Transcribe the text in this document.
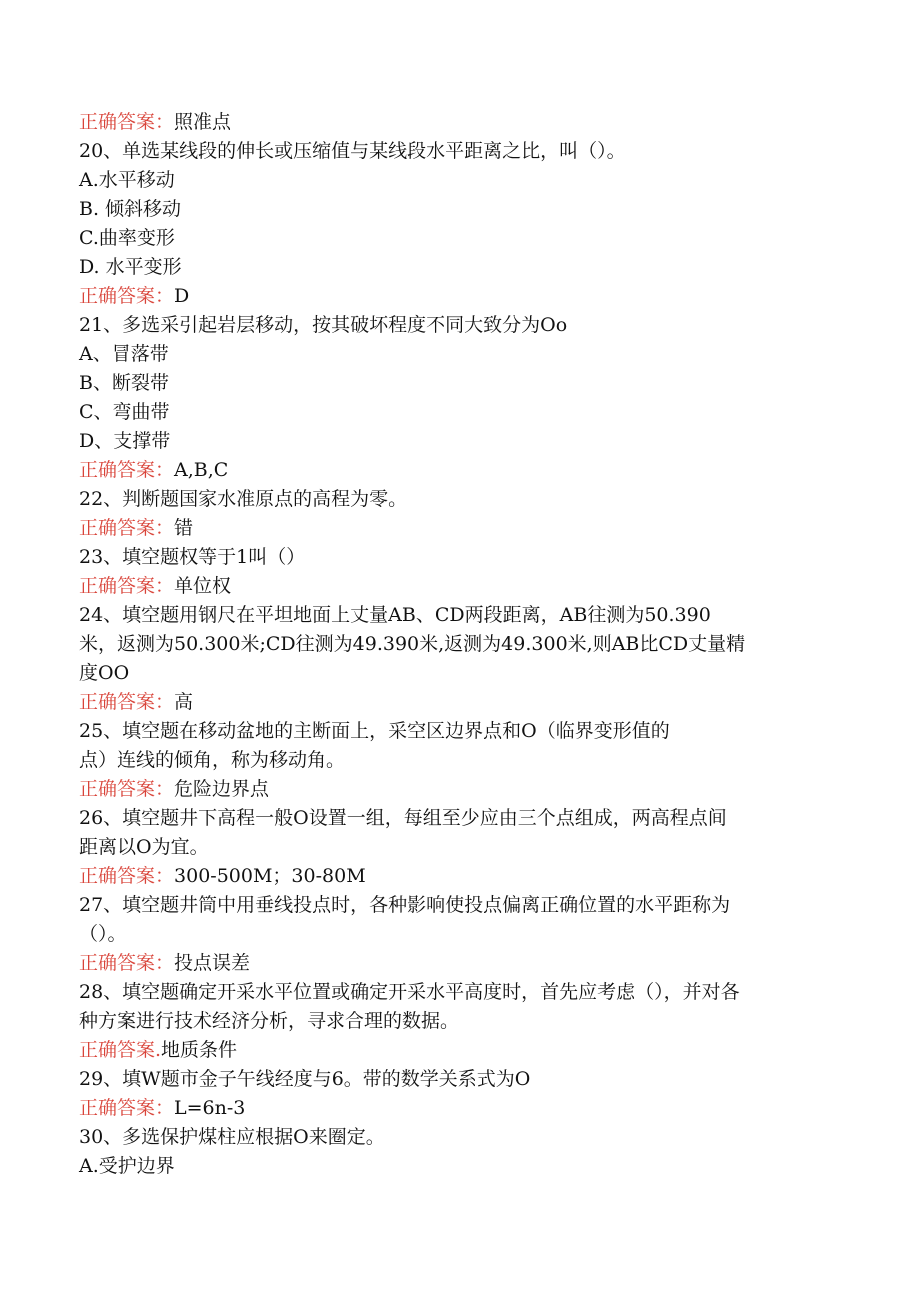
正确答案：照准点
20、单选某线段的伸长或压缩值与某线段水平距离之比，叫（）。
A.水平移动
B. 倾斜移动
C.曲率变形
D. 水平变形
正确答案：D
21、多选采引起岩层移动，按其破坏程度不同大致分为Oo
A、冒落带
B、断裂带
C、弯曲带
D、支撑带
正确答案：A,B,C
22、判断题国家水准原点的高程为零。
正确答案：错
23、填空题权等于1叫（）
正确答案：单位权
24、填空题用钢尺在平坦地面上丈量AB、CD两段距离，AB往测为50.390
米，返测为50.300米;CD往测为49.390米,返测为49.300米,则AB比CD丈量精
度OO
正确答案：高
25、填空题在移动盆地的主断面上，采空区边界点和O（临界变形值的
点）连线的倾角，称为移动角。
正确答案：危险边界点
26、填空题井下高程一般O设置一组，每组至少应由三个点组成，两高程点间
距离以O为宜。
正确答案：300-500M；30-80M
27、填空题井筒中用垂线投点时，各种影响使投点偏离正确位置的水平距称为
（）。
正确答案：投点误差
28、填空题确定开采水平位置或确定开采水平高度时，首先应考虑（），并对各
种方案进行技术经济分析，寻求合理的数据。
正确答案.地质条件
29、填W题市金子午线经度与6。带的数学关系式为O
正确答案：L=6n-3
30、多选保护煤柱应根据O来圈定。
A.受护边界
